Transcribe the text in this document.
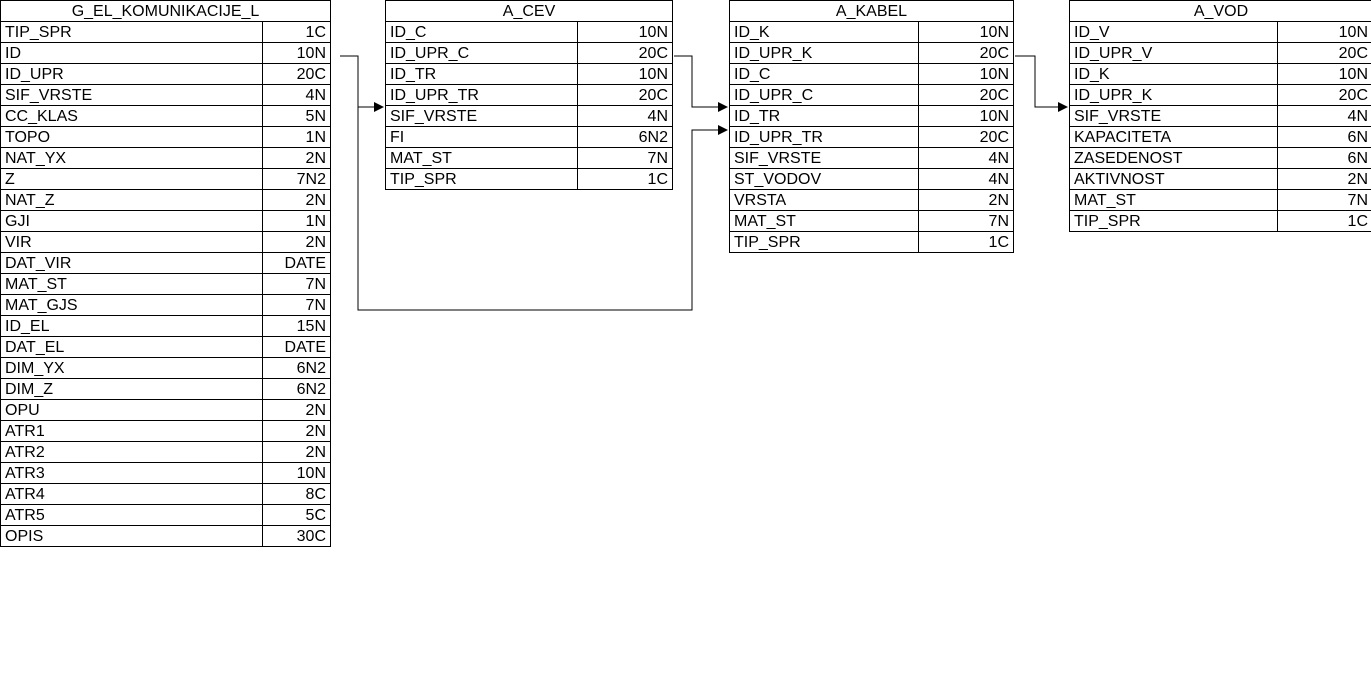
G_EL_KOMUNIKACIJE_L	
TIP_SPR	1C
ID	10N
ID_UPR	20C
SIF_VRSTE	4N
CC_KLAS	5N
TOPO	1N
NAT_YX	2N
Z	7N2
NAT_Z	2N
GJI	1N
VIR	2N
DAT_VIR	DATE
MAT_ST	7N
MAT_GJS	7N
ID_EL	15N
DAT_EL	DATE
DIM_YX	6N2
DIM_Z	6N2
OPU	2N
ATR1	2N
ATR2	2N
ATR3	10N
ATR4	8C
ATR5	5C
OPIS	30C
A_CEV	
ID_C	10N
ID_UPR_C	20C
ID_TR	10N
ID_UPR_TR	20C
SIF_VRSTE	4N
FI	6N2
MAT_ST	7N
TIP_SPR	1C
A_KABEL	
ID_K	10N
ID_UPR_K	20C
ID_C	10N
ID_UPR_C	20C
ID_TR	10N
ID_UPR_TR	20C
SIF_VRSTE	4N
ST_VODOV	4N
VRSTA	2N
MAT_ST	7N
TIP_SPR	1C
A_VOD	
ID_V	10N
ID_UPR_V	20C
ID_K	10N
ID_UPR_K	20C
SIF_VRSTE	4N
KAPACITETA	6N
ZASEDENOST	6N
AKTIVNOST	2N
MAT_ST	7N
TIP_SPR	1C
